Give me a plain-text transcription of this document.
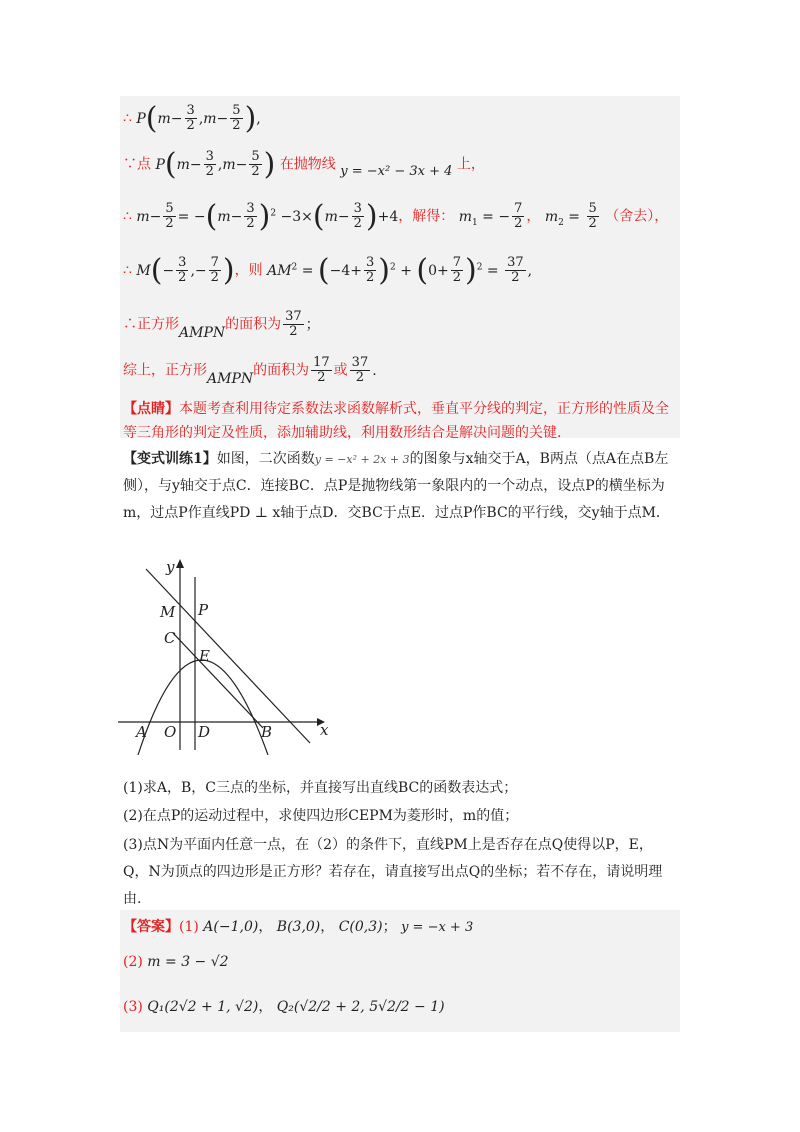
∴ $P(m- \frac{3}{2} ,m- \frac{5}{2}$ ),
∵点 $P(m- \frac{3}{2} ,m- \frac{5}{2}$ ) 在抛物线 y = −x² − 3x + 4 上，
∴ $m- \frac{5}{2} = -(m- \frac{3}{2} )^2 -3\times(m- \frac{3}{2} )+4$，解得： $m_1$ = − $\frac{7}{2}$ ， $m_2 = \frac{5}{2}$ （舍去），
∴ $M(- \frac{3}{2}$ ,− $\frac{7}{2}$ )，则 $AM^2 = (-4+ \frac{3}{2} )^2 + (0+ \frac{7}{2} )^2 = \frac{37}{2}$ ,
∴正方形AMPN的面积为 $\frac{37}{2}$ ；
综上，正方形AMPN的面积为 $\frac{17}{2}$ 或 $\frac{37}{2}$ .
【点睛】本题考查利用待定系数法求函数解析式，垂直平分线的判定，正方形的性质及全等三角形的判定及性质，添加辅助线，利用数形结合是解决问题的关键.
【变式训练1】如图，二次函数y = −x² + 2x + 3的图象与x轴交于A，B两点（点A在点B左侧），与y轴交于点C．连接BC．点P是抛物线第一象限内的一个动点，设点P的横坐标为m，过点P作直线PD ⊥ x轴于点D．交BC于点E．过点P作BC的平行线，交y轴于点M．
y
x
M P
C
E
A O D	B
(1)求A，B，C三点的坐标，并直接写出直线BC的函数表达式；
(2)在点P的运动过程中，求使四边形CEPM为菱形时，m的值；
(3)点N为平面内任意一点，在（2）的条件下，直线PM上是否存在点Q使得以P，E，Q，N为顶点的四边形是正方形？若存在，请直接写出点Q的坐标；若不存在，请说明理由.
【答案】(1) A(−1,0)， B(3,0)， C(0,3)； y = −x + 3
(2) m = 3 − √2
(3) Q₁(2√2 + 1, √2)， Q₂(√2/2 + 2, 5√2/2 − 1)
